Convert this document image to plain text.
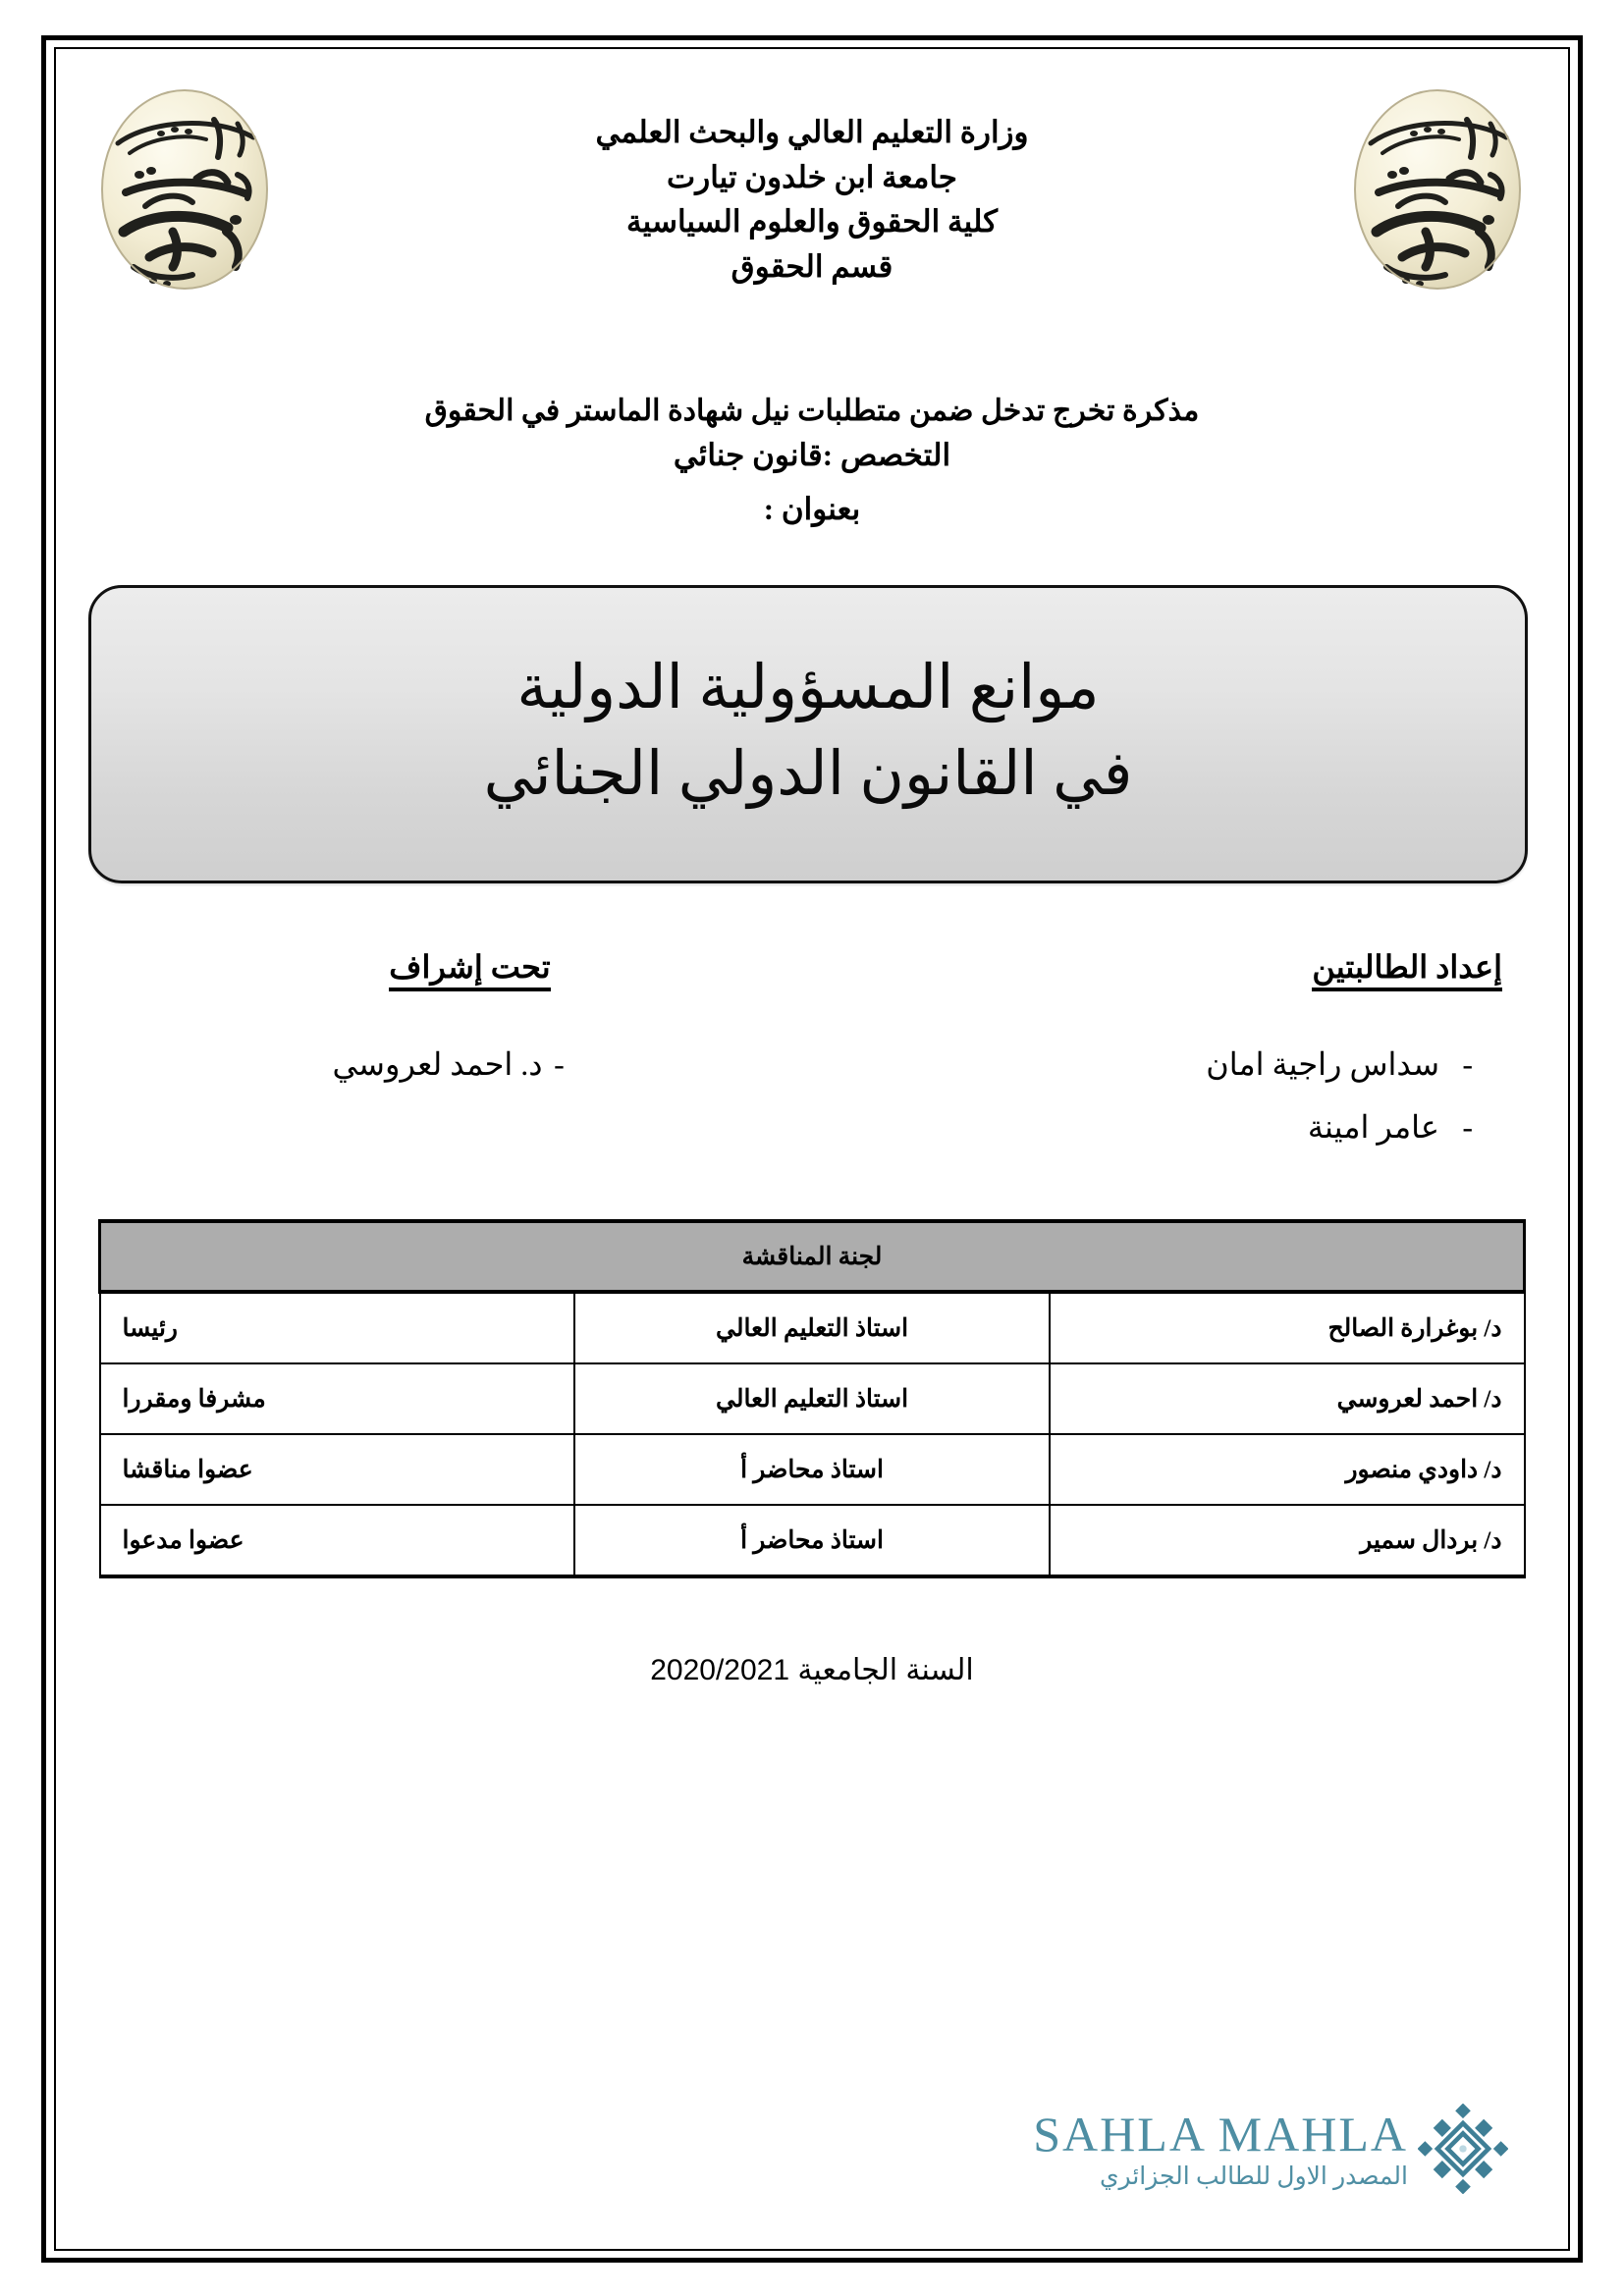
وزارة التعليم العالي والبحث العلمي
جامعة ابن خلدون تيارت
كلية الحقوق والعلوم السياسية
قسم الحقوق
مذكرة تخرج تدخل ضمن متطلبات نيل شهادة الماستر في الحقوق
التخصص :قانون جنائي
بعنوان :
موانع المسؤولية الدولية
في القانون الدولي الجنائي
إعداد الطالبتين
-سداس راجية امان
-عامر امينة
تحت إشراف
-د. احمد لعروسي
لجنة المناقشة		
د/ بوغرارة الصالح	استاذ التعليم العالي	رئيسا
د/ احمد لعروسي	استاذ التعليم العالي	مشرفا ومقررا
د/ داودي منصور	استاذ محاضر أ	عضوا مناقشا
د/ بردال سمير	استاذ محاضر أ	عضوا مدعوا
السنة الجامعية 2020/2021
SAHLA MAHLA
المصدر الاول للطالب الجزائري
